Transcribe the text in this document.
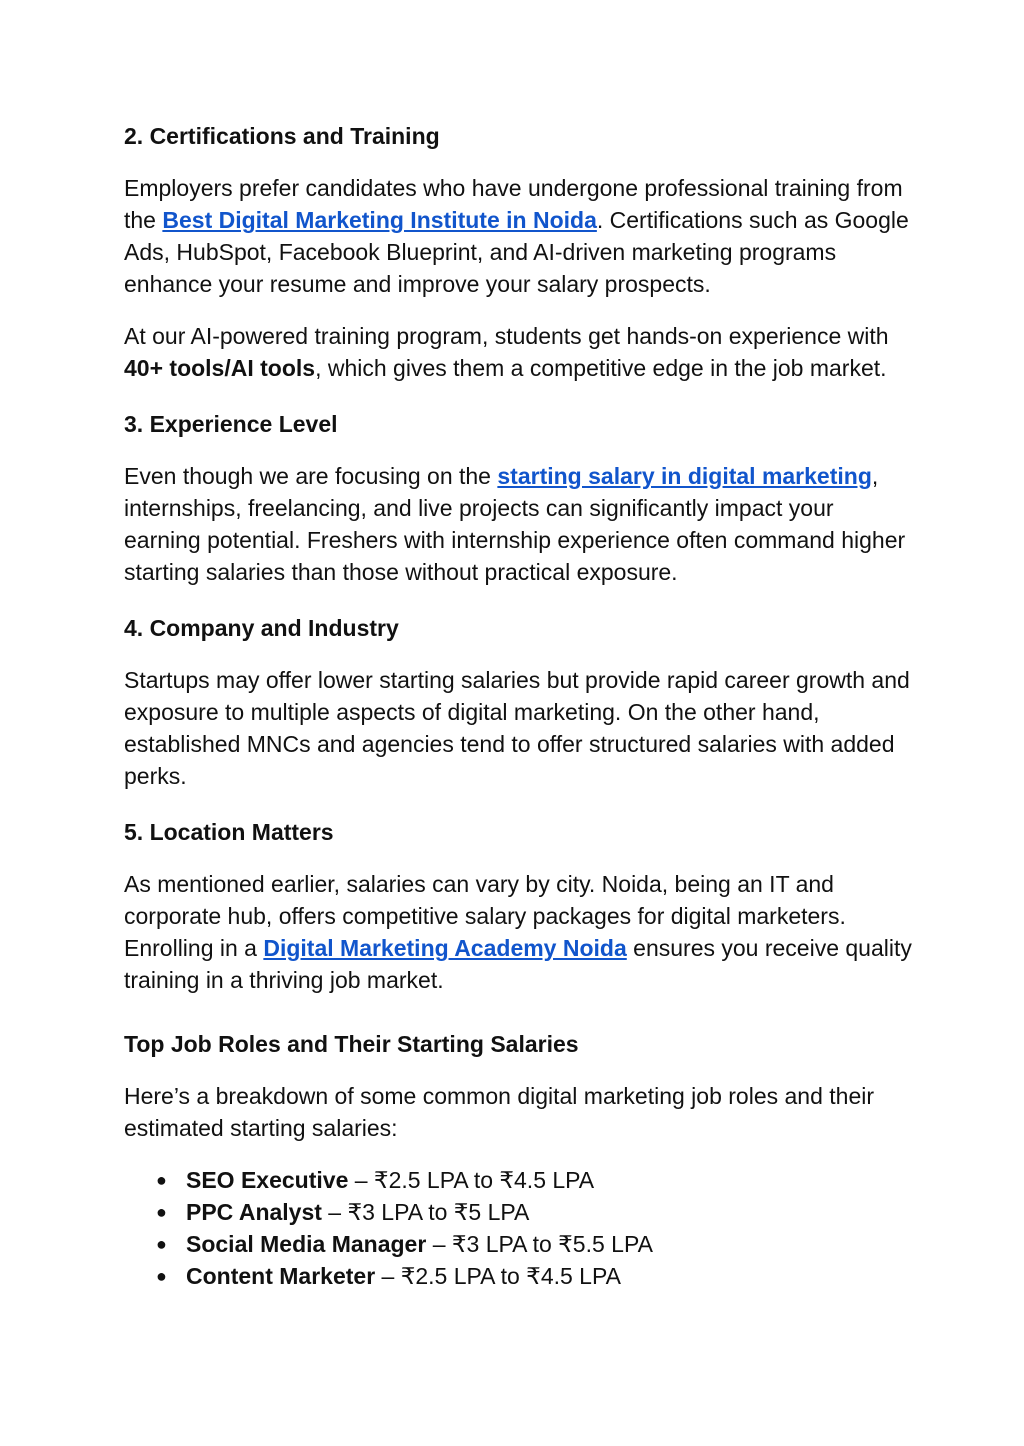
2. Certifications and Training

Employers prefer candidates who have undergone professional training from the Best Digital Marketing Institute in Noida. Certifications such as Google Ads, HubSpot, Facebook Blueprint, and AI-driven marketing programs enhance your resume and improve your salary prospects.

At our AI-powered training program, students get hands-on experience with 40+ tools/AI tools, which gives them a competitive edge in the job market.

3. Experience Level

Even though we are focusing on the starting salary in digital marketing, internships, freelancing, and live projects can significantly impact your earning potential. Freshers with internship experience often command higher starting salaries than those without practical exposure.

4. Company and Industry

Startups may offer lower starting salaries but provide rapid career growth and exposure to multiple aspects of digital marketing. On the other hand, established MNCs and agencies tend to offer structured salaries with added perks.

5. Location Matters

As mentioned earlier, salaries can vary by city. Noida, being an IT and corporate hub, offers competitive salary packages for digital marketers. Enrolling in a Digital Marketing Academy Noida ensures you receive quality training in a thriving job market.

Top Job Roles and Their Starting Salaries

Here’s a breakdown of some common digital marketing job roles and their estimated starting salaries:

● SEO Executive – ₹2.5 LPA to ₹4.5 LPA
● PPC Analyst – ₹3 LPA to ₹5 LPA
● Social Media Manager – ₹3 LPA to ₹5.5 LPA
● Content Marketer – ₹2.5 LPA to ₹4.5 LPA
